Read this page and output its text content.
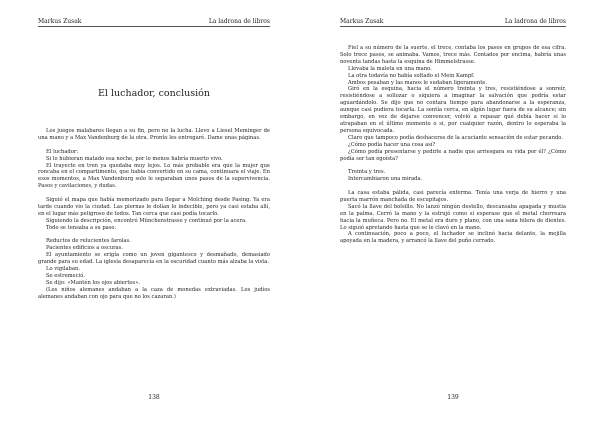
Markus Zusak	La ladrona de libros
El luchador, conclusión

Los juegos malabares llegan a su fin, pero no la lucha. Llevo a Liesel Meminger de una mano y a Max Vandenburg de la otra. Pronto les entregaré. Dame unas páginas.

El luchador:

Si lo hubieran matado esa noche, por lo menos habría muerto vivo.

El trayecto en tren ya quedaba muy lejos. Lo más probable era que la mujer que roncaba en el compartimento, que había convertido en su cama, continuara el viaje. En esos momentos, a Max Vandenburg solo le separaban unos pasos de la supervivencia. Pasos y cavilaciones, y dudas.

Siguió el mapa que había memorizado para llegar a Molching desde Pasing. Ya era tarde cuando vio la ciudad. Las piernas le dolían lo indecible, pero ya casi estaba allí, en el lugar más peligroso de todos. Tan cerca que casi podía tocarlo.

Siguiendo la descripción, encontró Münchenstrasse y continuó por la acera.

Todo se tensaba a su paso.

Reductos de relucientes farolas.

Pacientes edificios a oscuras.

El ayuntamiento se erigía como un joven gigantesco y desmañado, demasiado grande para su edad. La iglesia desaparecía en la oscuridad cuanto más alzaba la vista.

Lo vigilaban.

Se estremeció.

Se dijo: «Mantén los ojos abiertos».

(Los niños alemanes andaban a la caza de monedas extraviadas. Los judíos alemanes andaban con ojo para que no los cazaran.)

138
Markus Zusak	La ladrona de libros

Fiel a su número de la suerte, el trece, contaba los pasos en grupos de esa cifra. Solo trece pasos, se animaba. Vamos, trece más. Contados por encima, habría unas noventa tandas hasta la esquina de Himmelstrasse.

Llevaba la maleta en una mano.

La otra todavía no había soltado el Mein Kampf.

Ambos pesaban y las manos le sudaban ligeramente.

Giró en la esquina, hacia el número treinta y tres, resistiéndose a sonreír, resistiéndose a sollozar o siquiera a imaginar la salvación que podría estar aguardándolo. Se dijo que no contara tiempo para abandonarse a la esperanza, aunque casi pudiera tocarla. La sentía cerca, en algún lugar fuera de su alcance; sin embargo, en vez de dejarse convencer, volvió a repasar qué debía hacer si lo atrapaban en el último momento o si, por cualquier razón, dentro lo esperaba la persona equivocada.

Claro que tampoco podía deshacerse de la acuciante sensación de estar pecando.

¿Cómo podía hacer una cosa así?

¿Cómo podía presentarse y pedirle a nadie que arriesgara su vida por él? ¿Cómo podía ser tan egoísta?

Treinta y tres.

Intercambiaron una mirada.

La casa estaba pálida, casi parecía enferma. Tenía una verja de hierro y una puerta marrón manchada de escupitajos.

Sacó la llave del bolsillo. No lanzó ningún destello, descansaba apagada y mustia en la palma. Cerró la mano y la estrujó como si esperase que el metal chorreara hacia la muñeca. Pero no. El metal era duro y plano, con una sana hilera de dientes. Lo siguió apretando hasta que se le clavó en la mano.

A continuación, poco a poco, el luchador se inclinó hacia delante, la mejilla apoyada en la madera, y arrancó la llave del puño cerrado.

139
